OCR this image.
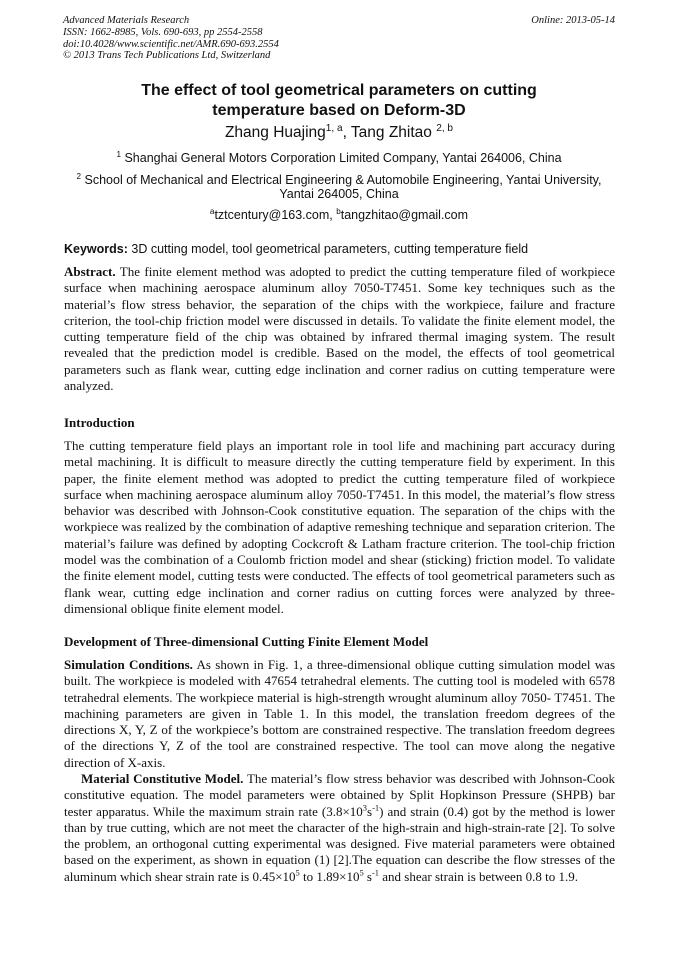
Advanced Materials Research
ISSN: 1662-8985, Vols. 690-693, pp 2554-2558
doi:10.4028/www.scientific.net/AMR.690-693.2554
© 2013 Trans Tech Publications Ltd, Switzerland
Online: 2013-05-14
The effect of tool geometrical parameters on cutting
temperature based on Deform-3D
Zhang Huajing$^{1, a}$, Tang Zhitao $^{2, b}$
$^1$ Shanghai General Motors Corporation Limited Company, Yantai 264006, China
$^2$ School of Mechanical and Electrical Engineering & Automobile Engineering, Yantai University,
Yantai 264005, China
$^a$tztcentury@163.com, $^b$tangzhitao@gmail.com
Keywords: 3D cutting model, tool geometrical parameters, cutting temperature field

Abstract. The finite element method was adopted to predict the cutting temperature filed of workpiece surface when machining aerospace aluminum alloy 7050-T7451. Some key techniques such as the material’s flow stress behavior, the separation of the chips with the workpiece, failure and fracture criterion, the tool-chip friction model were discussed in details. To validate the finite element model, the cutting temperature field of the chip was obtained by infrared thermal imaging system. The result revealed that the prediction model is credible. Based on the model, the effects of tool geometrical parameters such as flank wear, cutting edge inclination and corner radius on cutting temperature were analyzed.

Introduction

The cutting temperature field plays an important role in tool life and machining part accuracy during metal machining. It is difficult to measure directly the cutting temperature field by experiment. In this paper, the finite element method was adopted to predict the cutting temperature filed of workpiece surface when machining aerospace aluminum alloy 7050-T7451. In this model, the material’s flow stress behavior was described with Johnson-Cook constitutive equation. The separation of the chips with the workpiece was realized by the combination of adaptive remeshing technique and separation criterion. The material’s failure was defined by adopting Cockcroft & Latham fracture criterion. The tool-chip friction model was the combination of a Coulomb friction model and shear (sticking) friction model. To validate the finite element model, cutting tests were conducted. The effects of tool geometrical parameters such as flank wear, cutting edge inclination and corner radius on cutting forces were analyzed by three-dimensional oblique finite element model.

Development of Three-dimensional Cutting Finite Element Model

Simulation Conditions. As shown in Fig. 1, a three-dimensional oblique cutting simulation model was built. The workpiece is modeled with 47654 tetrahedral elements. The cutting tool is modeled with 6578 tetrahedral elements. The workpiece material is high-strength wrought aluminum alloy 7050- T7451. The machining parameters are given in Table 1. In this model, the translation freedom degrees of the directions X, Y, Z of the workpiece’s bottom are constrained respective. The translation freedom degrees of the directions Y, Z of the tool are constrained respective. The tool can move along the negative direction of X-axis.

Material Constitutive Model. The material’s flow stress behavior was described with Johnson-Cook constitutive equation. The model parameters were obtained by Split Hopkinson Pressure (SHPB) bar tester apparatus. While the maximum strain rate $(3.8\times 10^3s^{-1})$ and strain (0.4) got by the method is lower than by true cutting, which are not meet the character of the high-strain and high-strain-rate [2]. To solve the problem, an orthogonal cutting experimental was designed. Five material parameters were obtained based on the experiment, as shown in equation (1) [2].The equation can describe the flow stresses of the aluminum which shear strain rate is $0.45\times 10^5$ to $1.89\times 10^5$ $s^{-1}$ and shear strain is between 0.8 to 1.9.
